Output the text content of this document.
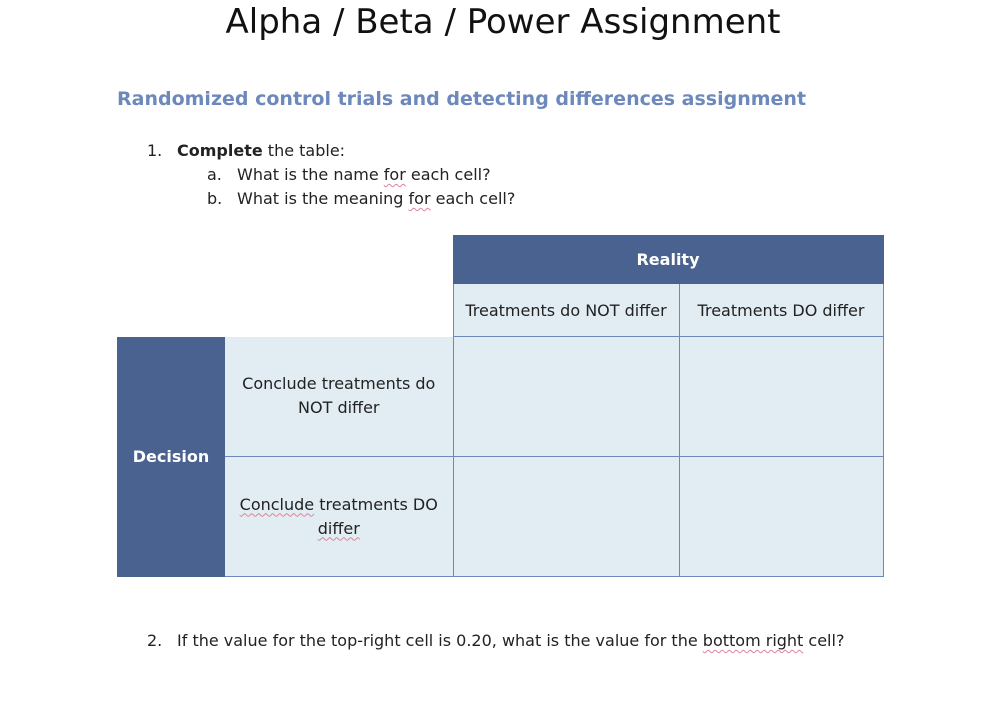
Alpha / Beta / Power Assignment
Randomized control trials and detecting differences assignment
1. Complete the table:
a. What is the name for each cell?
b. What is the meaning for each cell?
		Reality	
		Treatments do NOT differ	Treatments DO differ
Decision	Conclude treatments do NOT differ		

	Conclude treatments DO
differ		

2. If the value for the top-right cell is 0.20, what is the value for the bottom right cell?
